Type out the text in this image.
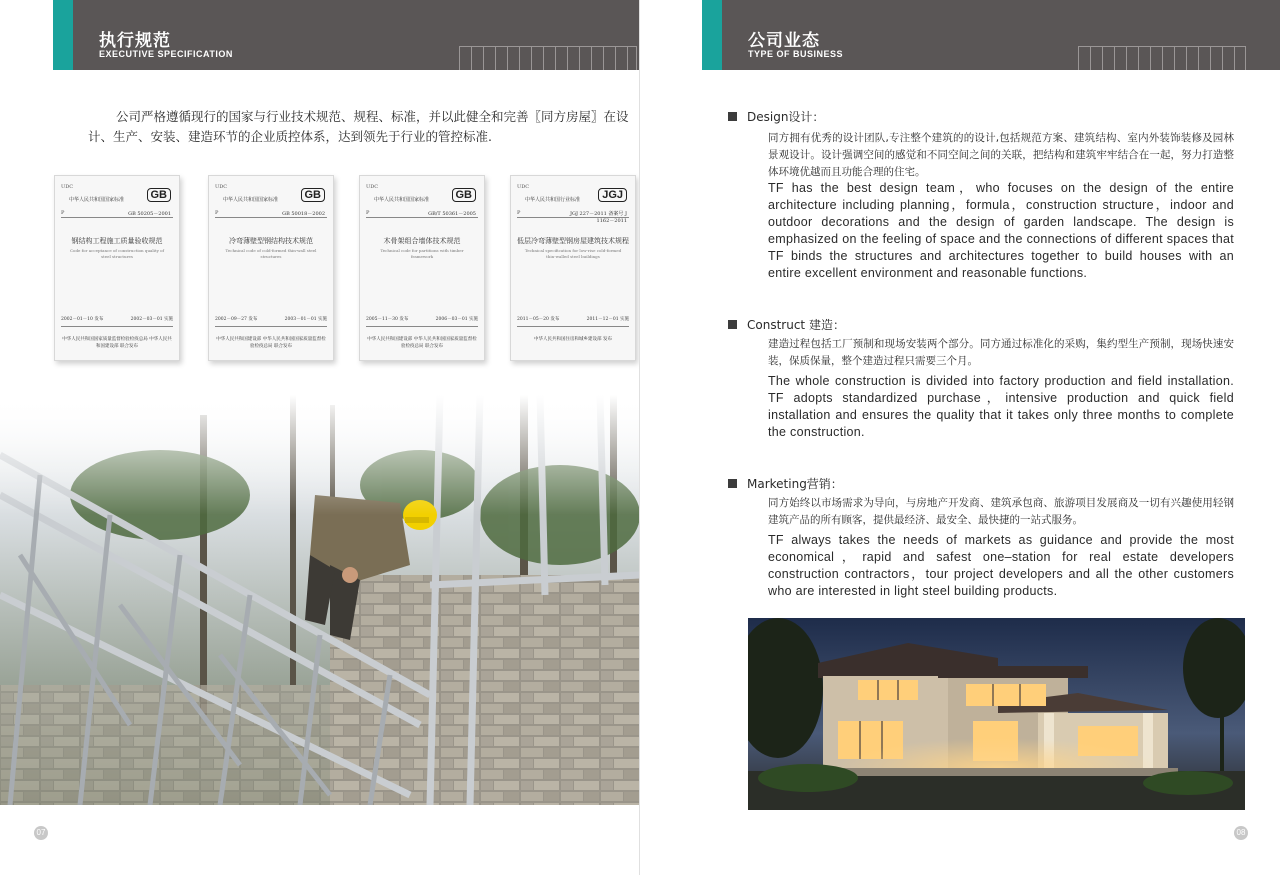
执行规范
EXECUTIVE SPECIFICATION

公司严格遵循现行的国家与行业技术规范、规程、标准，并以此健全和完善〖同方房屋〗在设计、生产、安装、建造环节的企业质控体系，达到领先于行业的管控标准.

UDC
中华人民共和国国家标准	GB
P	GB 50205－2001
钢结构工程施工质量验收规范
Code for acceptance of construction quality of steel structures
2002－01－10 发布	2002－03－01 实施
中华人民共和国国家质量监督检验检疫总局 中华人民共和国建设部 联合发布
UDC
中华人民共和国国家标准	GB
P	GB 50018－2002
冷弯薄壁型钢结构技术规范
Technical code of cold-formed thin-wall steel structures
2002－09－27 发布	2003－01－01 实施
中华人民共和国建设部 中华人民共和国国家质量监督检验检疫总局 联合发布
UDC
中华人民共和国国家标准	GB
P	GB/T 50361－2005
木骨架组合墙体技术规范
Technical code for partitions with timber framework
2005－11－30 发布	2006－03－01 实施
中华人民共和国建设部 中华人民共和国国家质量监督检验检疫总局 联合发布
UDC
中华人民共和国行业标准	JGJ
P	JGJ 227－2011 备案号 J 1162－2011
低层冷弯薄壁型钢房屋建筑技术规程
Technical specification for low-rise cold-formed thin-walled steel buildings
2011－05－20 发布	2011－12－01 实施
中华人民共和国住房和城乡建设部 发布
07
公司业态
TYPE OF BUSINESS
Design设计：
同方拥有优秀的设计团队,专注整个建筑的的设计,包括规范方案、建筑结构、室内外装饰装修及园林景观设计。设计强调空间的感觉和不同空间之间的关联，把结构和建筑牢牢结合在一起，努力打造整体环境优越而且功能合理的住宅。
TF has the best design team，who focuses on the design of the entire architecture including planning，formula，construction structure，indoor and outdoor decorations and the design of garden landscape. The design is emphasized on the feeling of space and the connections of different spaces that TF binds the structures and architectures together to build houses with an entire excellent environment and reasonable functions.
Construct 建造：
建造过程包括工厂预制和现场安装两个部分。同方通过标准化的采购，集约型生产预制，现场快速安装，保质保量，整个建造过程只需要三个月。
The whole construction is divided into factory production and field installation. TF adopts standardized purchase，intensive production and quick field installation and ensures the quality that it takes only three months to complete the construction.
Marketing营销：
同方始终以市场需求为导向，与房地产开发商、建筑承包商、旅游项目发展商及一切有兴趣使用轻钢建筑产品的所有顾客，提供最经济、最安全、最快捷的一站式服务。
TF always takes the needs of markets as guidance and provide the most economical，rapid and safest one–station for real estate developers construction contractors，tour project developers and all the other customers who are interested in light steel building products.
08
